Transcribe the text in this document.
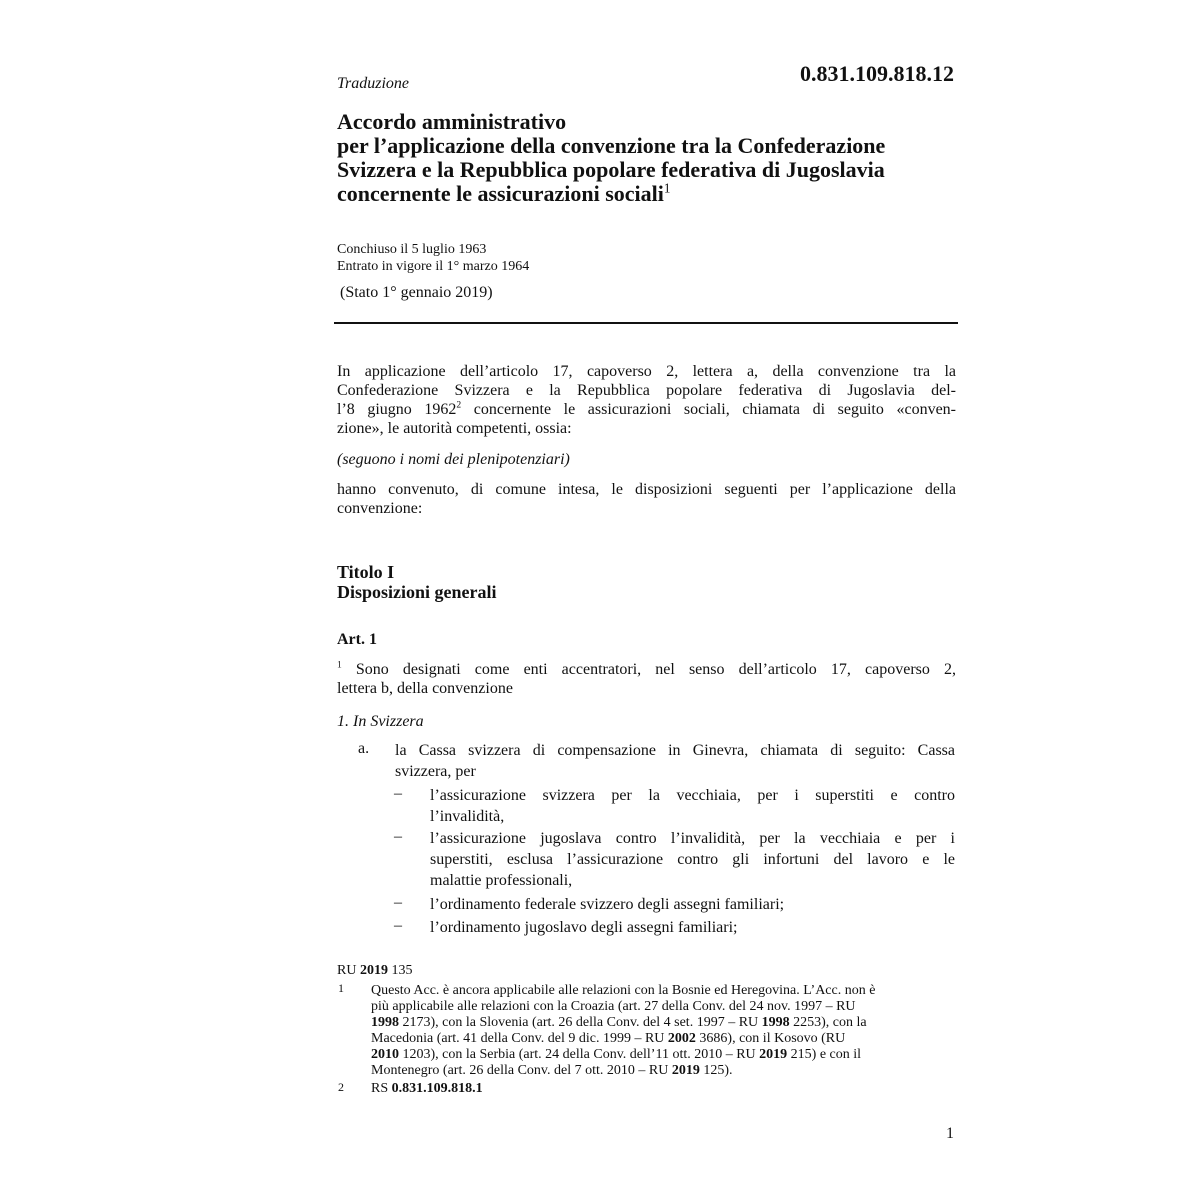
Traduzione	0.831.109.818.12
Accordo amministrativo
per l’applicazione della convenzione tra la Confederazione
Svizzera e la Repubblica popolare federativa di Jugoslavia
concernente le assicurazioni sociali$^1$
Conchiuso il 5 luglio 1963
Entrato in vigore il 1° marzo 1964
(Stato 1° gennaio 2019)
In applicazione dell’articolo 17, capoverso 2, lettera a, della convenzione tra la
Confederazione Svizzera e la Repubblica popolare federativa di Jugoslavia del-
l’8 giugno 1962$^2$ concernente le assicurazioni sociali, chiamata di seguito «conven-
zione», le autorità competenti, ossia:
(seguono i nomi dei plenipotenziari)
hanno convenuto, di comune intesa, le disposizioni seguenti per l’applicazione della
convenzione:
Titolo I
Disposizioni generali
Art. 1
$^1$ Sono designati come enti accentratori, nel senso dell’articolo 17, capoverso 2,
lettera b, della convenzione
1. In Svizzera
a. la Cassa svizzera di compensazione in Ginevra, chiamata di seguito: Cassa
svizzera, per
– l’assicurazione svizzera per la vecchiaia, per i superstiti e contro
l’invalidità,
– l’assicurazione jugoslava contro l’invalidità, per la vecchiaia e per i
superstiti, esclusa l’assicurazione contro gli infortuni del lavoro e le
malattie professionali,
– l’ordinamento federale svizzero degli assegni familiari;
– l’ordinamento jugoslavo degli assegni familiari;
RU 2019 135
1 Questo Acc. è ancora applicabile alle relazioni con la Bosnie ed Heregovina. L’Acc. non è
più applicabile alle relazioni con la Croazia (art. 27 della Conv. del 24 nov. 1997 – RU
1998 2173), con la Slovenia (art. 26 della Conv. del 4 set. 1997 – RU 1998 2253), con la
Macedonia (art. 41 della Conv. del 9 dic. 1999 – RU 2002 3686), con il Kosovo (RU
2010 1203), con la Serbia (art. 24 della Conv. dell’11 ott. 2010 – RU 2019 215) e con il
Montenegro (art. 26 della Conv. del 7 ott. 2010 – RU 2019 125).
2 RS 0.831.109.818.1
1
